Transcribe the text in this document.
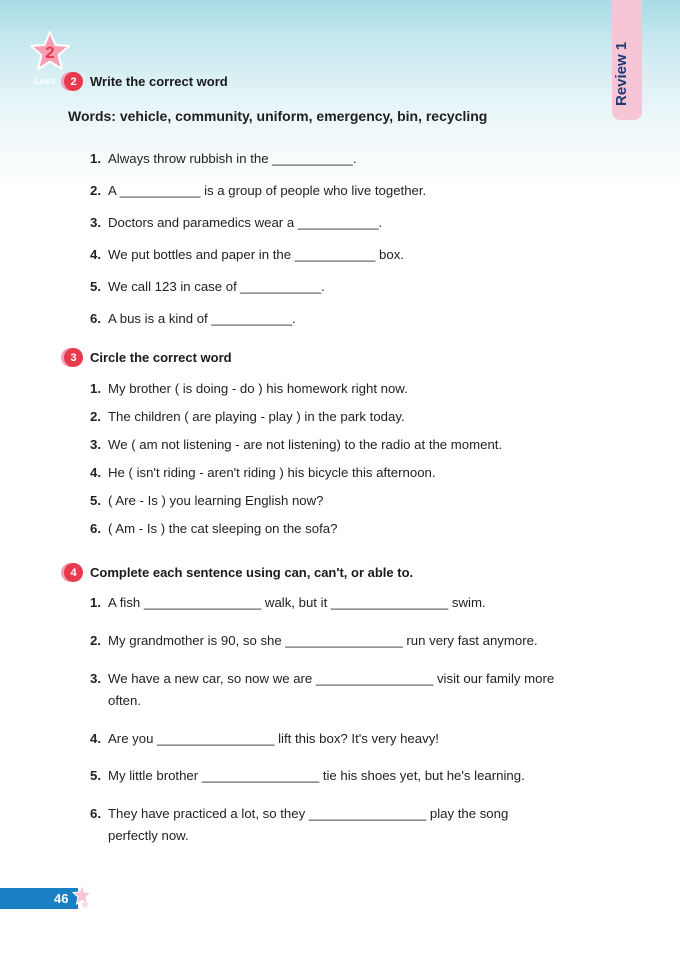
Review 1
2
Less	2	Write the correct word
Words: vehicle, community, uniform, emergency, bin, recycling
1. Always throw rubbish in the ___________.
2. A ___________ is a group of people who live together.
3. Doctors and paramedics wear a ___________.
4. We put bottles and paper in the ___________ box.
5. We call 123 in case of ___________.
6. A bus is a kind of ___________.
3	Circle the correct word
1. My brother ( is doing - do ) his homework right now.
2. The children ( are playing - play ) in the park today.
3. We ( am not listening - are not listening) to the radio at the moment.
4. He ( isn't riding - aren't riding ) his bicycle this afternoon.
5. ( Are - Is ) you learning English now?
6. ( Am - Is ) the cat sleeping on the sofa?
4	Complete each sentence using can, can't, or able to.
1. A fish ________________ walk, but it ________________ swim.
2. My grandmother is 90, so she ________________ run very fast anymore.
3. We have a new car, so now we are ________________ visit our family more
often.
4. Are you ________________ lift this box? It's very heavy!
5. My little brother ________________ tie his shoes yet, but he's learning.
6. They have practiced a lot, so they ________________ play the song
perfectly now.
46
